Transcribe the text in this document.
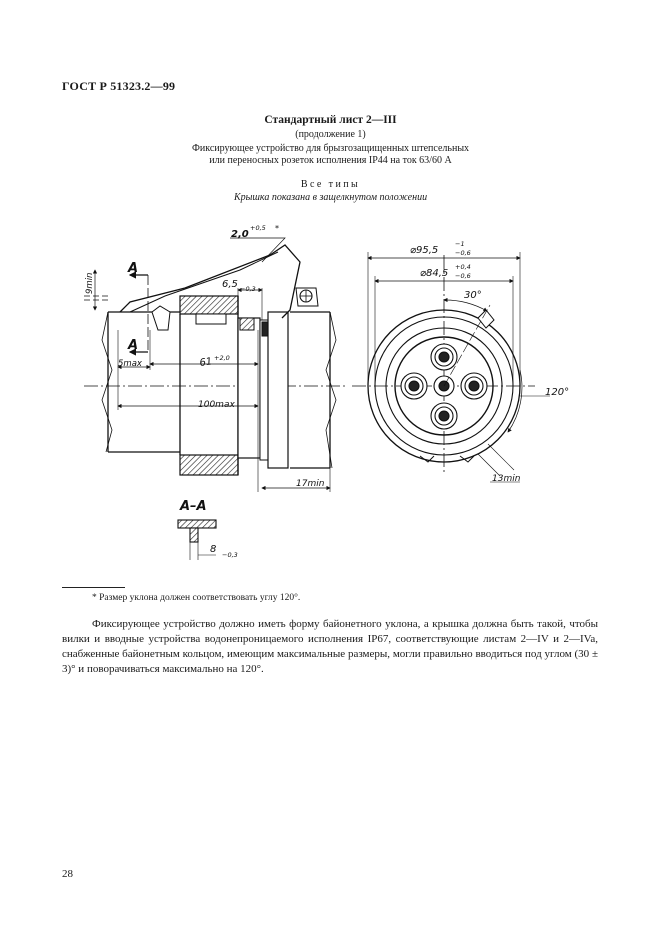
ГОСТ Р 51323.2—99
Стандартный лист 2—III
(продолжение 1)
Фиксирующее устройство для брызгозащищенных штепсельных
или переносных розеток исполнения IP44 на ток 63/60 А
Все типы
Крышка показана в защелкнутом положении
2,0
+0,5 *
6,5 −0,3
61 +2,0
100max
5max
9min
17min
А
А
А–А
8 −0,3
⌀95,5
−1
−0,6
⌀84,5
+0,4
−0,6
30°
120°
13min
* Размер уклона должен соответствовать углу 120°.

Фиксирующее устройство должно иметь форму байонетного уклона, а крышка должна быть такой, чтобы вилки и вводные устройства водонепроницаемого исполнения IP67, соответствующие листам 2—IV и 2—IVa, снабженные байонетным кольцом, имеющим максимальные размеры, могли правильно вводиться под углом (30 ± 3)° и поворачиваться максимально на 120°.

28
